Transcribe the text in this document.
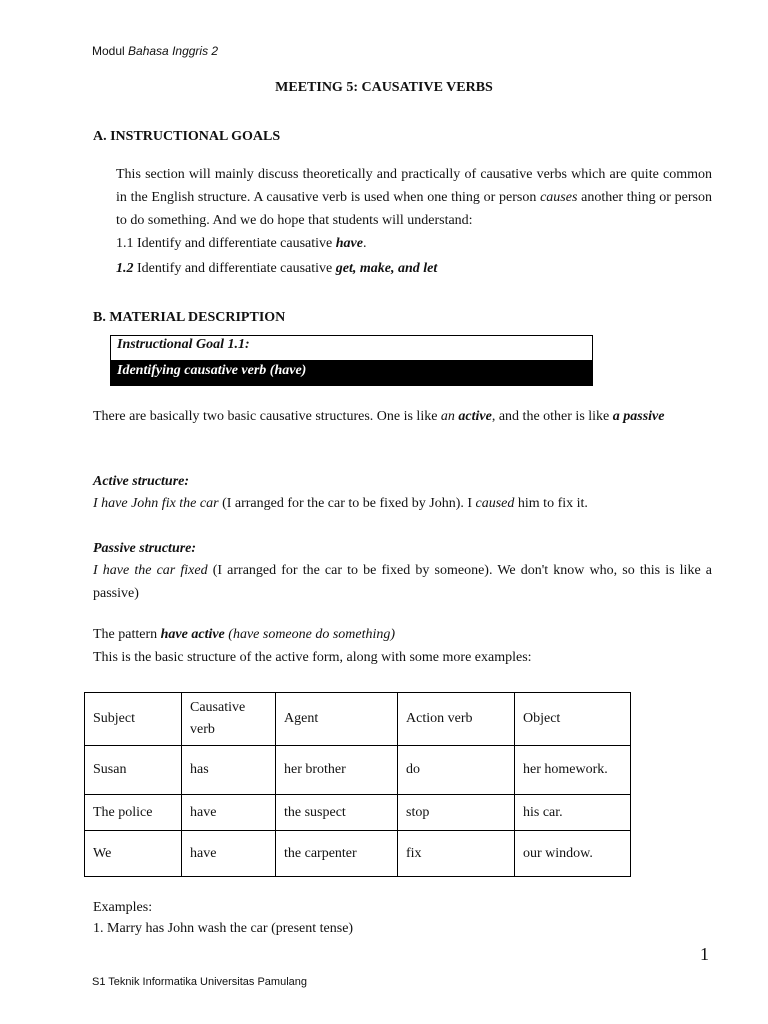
Modul Bahasa Inggris 2
MEETING 5: CAUSATIVE VERBS
A. INSTRUCTIONAL GOALS
This section will mainly discuss theoretically and practically of causative verbs which are quite common in the English structure. A causative verb is used when one thing or person causes another thing or person to do something. And we do hope that students will understand:
1.1 Identify and differentiate causative have.
1.2 Identify and differentiate causative get, make, and let
B. MATERIAL DESCRIPTION
Instructional Goal 1.1:
Identifying causative verb (have)
There are basically two basic causative structures. One is like an active, and the other is like a passive
Active structure:
I have John fix the car (I arranged for the car to be fixed by John). I caused him to fix it.
Passive structure:
I have the car fixed (I arranged for the car to be fixed by someone). We don't know who, so this is like a passive)
The pattern have active (have someone do something)
This is the basic structure of the active form, along with some more examples:
Subject	Causative verb	Agent	Action verb	Object
Susan	has	her brother	do	her homework.
The police	have	the suspect	stop	his car.
We	have	the carpenter	fix	our window.
Examples:
1. Marry has John wash the car (present tense)
1
S1 Teknik Informatika Universitas Pamulang
